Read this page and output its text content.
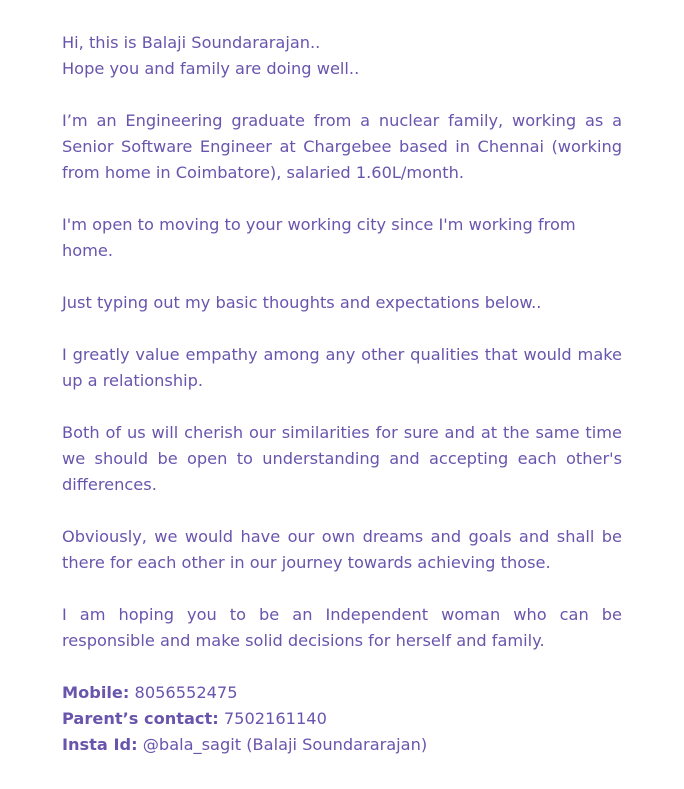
Hi, this is Balaji Soundararajan..
Hope you and family are doing well..

I’m an Engineering graduate from a nuclear family, working as a Senior Software Engineer at Chargebee based in Chennai (working from home in Coimbatore), salaried 1.60L/month.

I'm open to moving to your working city since I'm working from home.

Just typing out my basic thoughts and expectations below..

I greatly value empathy among any other qualities that would make up a relationship.

Both of us will cherish our similarities for sure and at the same time we should be open to understanding and accepting each other's differences.

Obviously, we would have our own dreams and goals and shall be there for each other in our journey towards achieving those.

I am hoping you to be an Independent woman who can be responsible and make solid decisions for herself and family.

Mobile: 8056552475
Parent’s contact: 7502161140
Insta Id: @bala_sagit (Balaji Soundararajan)
